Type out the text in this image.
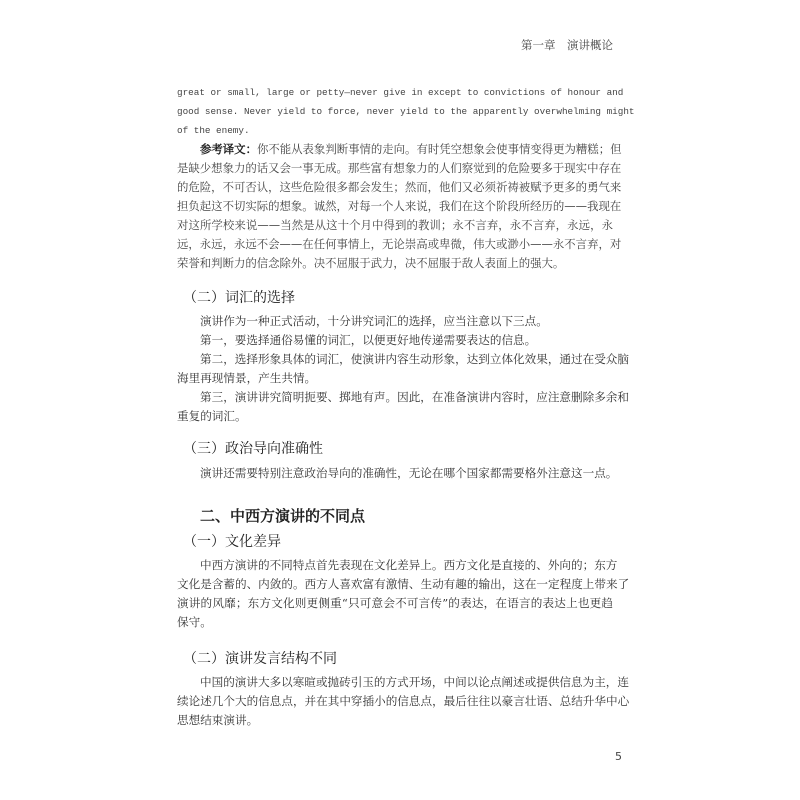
第一章　演讲概论
great or small, large or petty—never give in except to convictions of honour and
good sense. Never yield to force, never yield to the apparently overwhelming might
of the enemy.
参考译文：你不能从表象判断事情的走向。有时凭空想象会使事情变得更为糟糕；但
是缺少想象力的话又会一事无成。那些富有想象力的人们察觉到的危险要多于现实中存在
的危险，不可否认，这些危险很多都会发生；然而，他们又必须祈祷被赋予更多的勇气来
担负起这不切实际的想象。诚然，对每一个人来说，我们在这个阶段所经历的——我现在
对这所学校来说——当然是从这十个月中得到的教训；永不言弃，永不言弃，永远，永
远，永远，永远不会——在任何事情上，无论崇高或卑微，伟大或渺小——永不言弃，对
荣誉和判断力的信念除外。决不屈服于武力，决不屈服于敌人表面上的强大。
（二）词汇的选择
演讲作为一种正式活动，十分讲究词汇的选择，应当注意以下三点。
第一，要选择通俗易懂的词汇，以便更好地传递需要表达的信息。
第二，选择形象具体的词汇，使演讲内容生动形象，达到立体化效果，通过在受众脑
海里再现情景，产生共情。
第三，演讲讲究简明扼要、掷地有声。因此，在准备演讲内容时，应注意删除多余和
重复的词汇。
（三）政治导向准确性
演讲还需要特别注意政治导向的准确性，无论在哪个国家都需要格外注意这一点。
二、中西方演讲的不同点
（一）文化差异
中西方演讲的不同特点首先表现在文化差异上。西方文化是直接的、外向的；东方
文化是含蓄的、内敛的。西方人喜欢富有激情、生动有趣的输出，这在一定程度上带来了
演讲的风靡；东方文化则更侧重“只可意会不可言传”的表达，在语言的表达上也更趋
保守。
（二）演讲发言结构不同
中国的演讲大多以寒暄或抛砖引玉的方式开场，中间以论点阐述或提供信息为主，连
续论述几个大的信息点，并在其中穿插小的信息点，最后往往以豪言壮语、总结升华中心
思想结束演讲。
5
